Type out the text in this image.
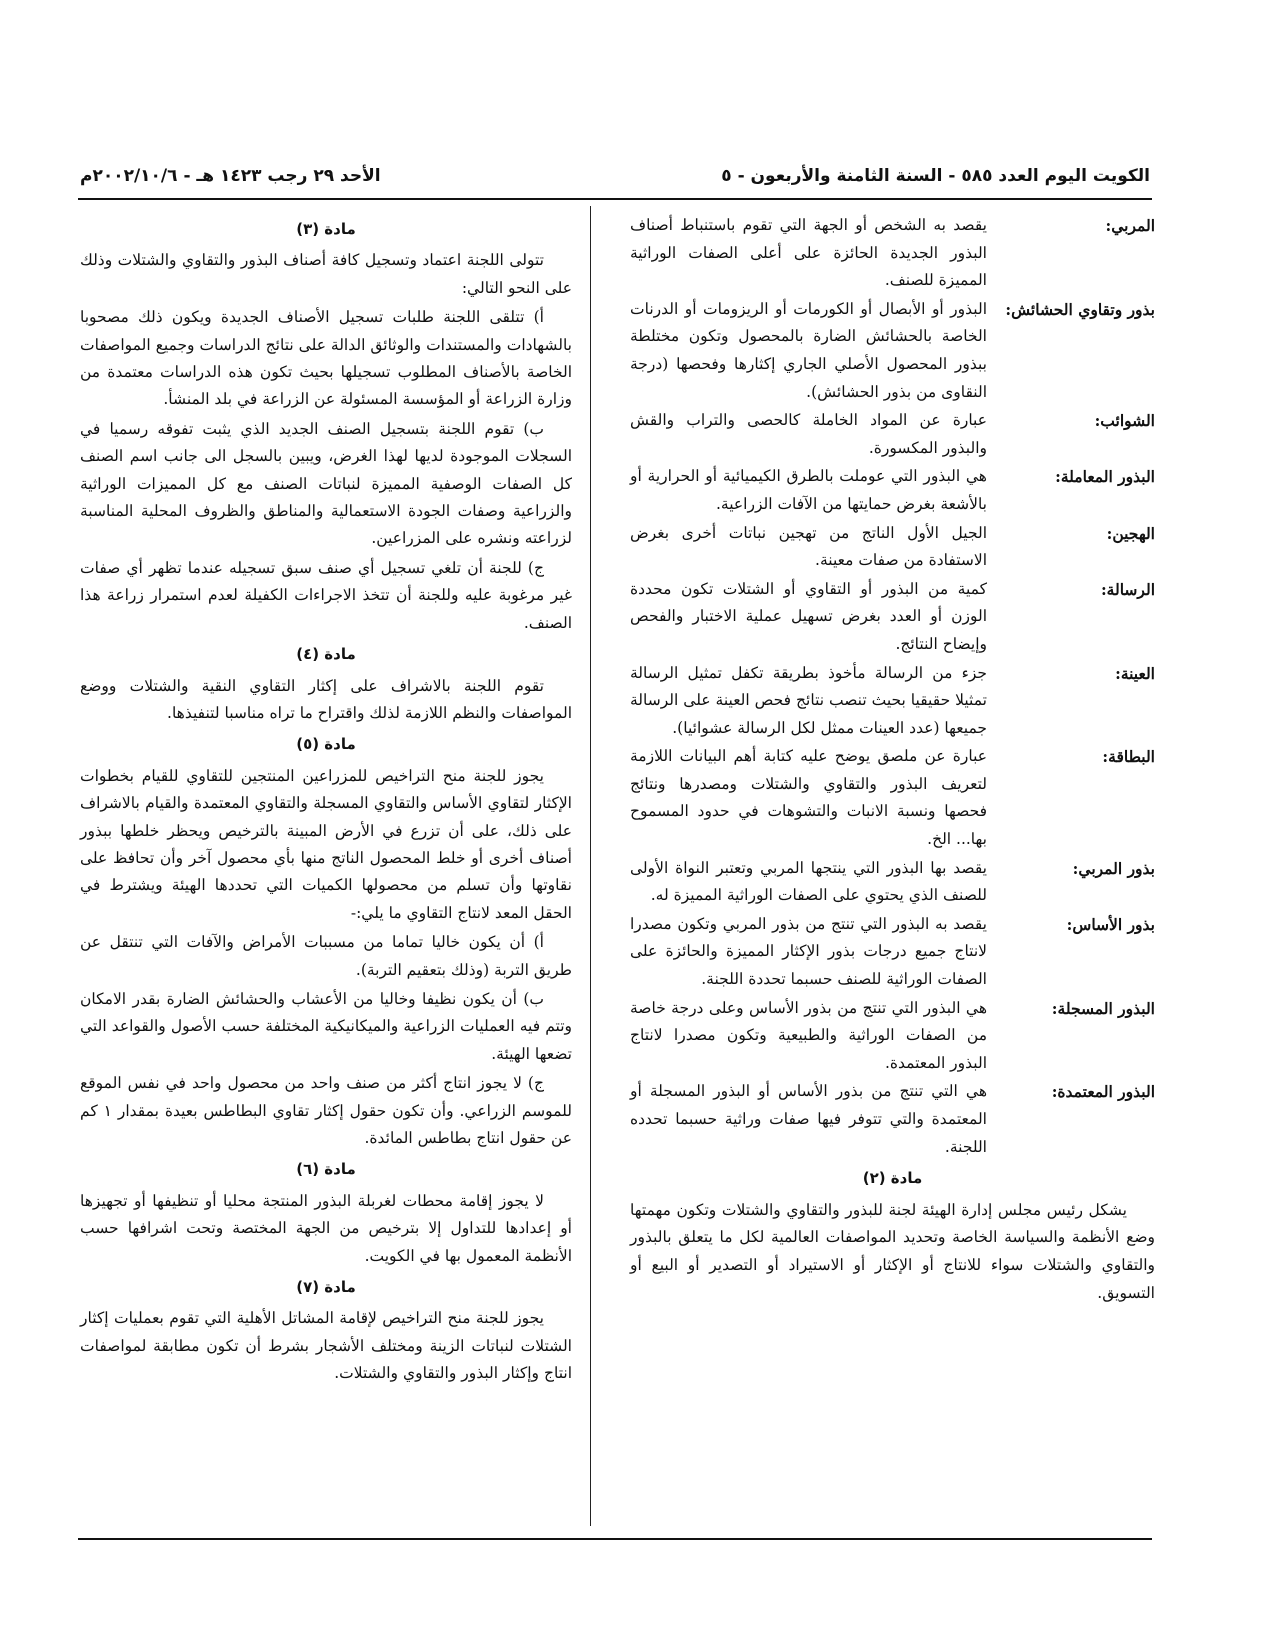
الكويت اليوم العدد ٥٨٥ - السنة الثامنة والأربعون - ٥
الأحد ٢٩ رجب ١٤٢٣ هـ - ٢٠٠٢/١٠/٦م
المربي:
يقصد به الشخص أو الجهة التي تقوم باستنباط أصناف البذور الجديدة الحائزة على أعلى الصفات الوراثية المميزة للصنف.
بذور وتقاوي الحشائش:
البذور أو الأبصال أو الكورمات أو الريزومات أو الدرنات الخاصة بالحشائش الضارة بالمحصول وتكون مختلطة ببذور المحصول الأصلي الجاري إكثارها وفحصها (درجة النقاوى من بذور الحشائش).
الشوائب:
عبارة عن المواد الخاملة كالحصى والتراب والقش والبذور المكسورة.
البذور المعاملة:
هي البذور التي عوملت بالطرق الكيميائية أو الحرارية أو بالأشعة بغرض حمايتها من الآفات الزراعية.
الهجين:
الجيل الأول الناتج من تهجين نباتات أخرى بغرض الاستفادة من صفات معينة.
الرسالة:
كمية من البذور أو التقاوي أو الشتلات تكون محددة الوزن أو العدد بغرض تسهيل عملية الاختبار والفحص وإيضاح النتائج.
العينة:
جزء من الرسالة مأخوذ بطريقة تكفل تمثيل الرسالة تمثيلا حقيقيا بحيث تنصب نتائج فحص العينة على الرسالة جميعها (عدد العينات ممثل لكل الرسالة عشوائيا).
البطاقة:
عبارة عن ملصق يوضح عليه كتابة أهم البيانات اللازمة لتعريف البذور والتقاوي والشتلات ومصدرها ونتائج فحصها ونسبة الانبات والتشوهات في حدود المسموح بها... الخ.
بذور المربي:
يقصد بها البذور التي ينتجها المربي وتعتبر النواة الأولى للصنف الذي يحتوي على الصفات الوراثية المميزة له.
بذور الأساس:
يقصد به البذور التي تنتج من بذور المربي وتكون مصدرا لانتاج جميع درجات بذور الإكثار المميزة والحائزة على الصفات الوراثية للصنف حسبما تحددة اللجنة.
البذور المسجلة:
هي البذور التي تنتج من بذور الأساس وعلى درجة خاصة من الصفات الوراثية والطبيعية وتكون مصدرا لانتاج البذور المعتمدة.
البذور المعتمدة:
هي التي تنتج من بذور الأساس أو البذور المسجلة أو المعتمدة والتي تتوفر فيها صفات وراثية حسبما تحدده اللجنة.
مادة (٢)

يشكل رئيس مجلس إدارة الهيئة لجنة للبذور والتقاوي والشتلات وتكون مهمتها وضع الأنظمة والسياسة الخاصة وتحديد المواصفات العالمية لكل ما يتعلق بالبذور والتقاوي والشتلات سواء للانتاج أو الإكثار أو الاستيراد أو التصدير أو البيع أو التسويق.

مادة (٣)

تتولى اللجنة اعتماد وتسجيل كافة أصناف البذور والتقاوي والشتلات وذلك على النحو التالي:

أ) تتلقى اللجنة طلبات تسجيل الأصناف الجديدة ويكون ذلك مصحوبا بالشهادات والمستندات والوثائق الدالة على نتائج الدراسات وجميع المواصفات الخاصة بالأصناف المطلوب تسجيلها بحيث تكون هذه الدراسات معتمدة من وزارة الزراعة أو المؤسسة المسئولة عن الزراعة في بلد المنشأ.

ب) تقوم اللجنة بتسجيل الصنف الجديد الذي يثبت تفوقه رسميا في السجلات الموجودة لديها لهذا الغرض، ويبين بالسجل الى جانب اسم الصنف كل الصفات الوصفية المميزة لنباتات الصنف مع كل المميزات الوراثية والزراعية وصفات الجودة الاستعمالية والمناطق والظروف المحلية المناسبة لزراعته ونشره على المزراعين.

ج) للجنة أن تلغي تسجيل أي صنف سبق تسجيله عندما تظهر أي صفات غير مرغوبة عليه وللجنة أن تتخذ الاجراءات الكفيلة لعدم استمرار زراعة هذا الصنف.

مادة (٤)

تقوم اللجنة بالاشراف على إكثار التقاوي النقية والشتلات ووضع المواصفات والنظم اللازمة لذلك واقتراح ما تراه مناسبا لتنفيذها.

مادة (٥)

يجوز للجنة منح التراخيص للمزراعين المنتجين للتقاوي للقيام بخطوات الإكثار لتقاوي الأساس والتقاوي المسجلة والتقاوي المعتمدة والقيام بالاشراف على ذلك، على أن تزرع في الأرض المبينة بالترخيص ويحظر خلطها ببذور أصناف أخرى أو خلط المحصول الناتج منها بأي محصول آخر وأن تحافظ على نقاوتها وأن تسلم من محصولها الكميات التي تحددها الهيئة ويشترط في الحقل المعد لانتاج التقاوي ما يلي:-

أ) أن يكون خاليا تماما من مسببات الأمراض والآفات التي تنتقل عن طريق التربة (وذلك بتعقيم التربة).

ب) أن يكون نظيفا وخاليا من الأعشاب والحشائش الضارة بقدر الامكان وتتم فيه العمليات الزراعية والميكانيكية المختلفة حسب الأصول والقواعد التي تضعها الهيئة.

ج) لا يجوز انتاج أكثر من صنف واحد من محصول واحد في نفس الموقع للموسم الزراعي. وأن تكون حقول إكثار تقاوي البطاطس بعيدة بمقدار ١ كم عن حقول انتاج بطاطس المائدة.

مادة (٦)

لا يجوز إقامة محطات لغربلة البذور المنتجة محليا أو تنظيفها أو تجهيزها أو إعدادها للتداول إلا بترخيص من الجهة المختصة وتحت اشرافها حسب الأنظمة المعمول بها في الكويت.

مادة (٧)

يجوز للجنة منح التراخيص لإقامة المشاتل الأهلية التي تقوم بعمليات إكثار الشتلات لنباتات الزينة ومختلف الأشجار بشرط أن تكون مطابقة لمواصفات انتاج وإكثار البذور والتقاوي والشتلات.
